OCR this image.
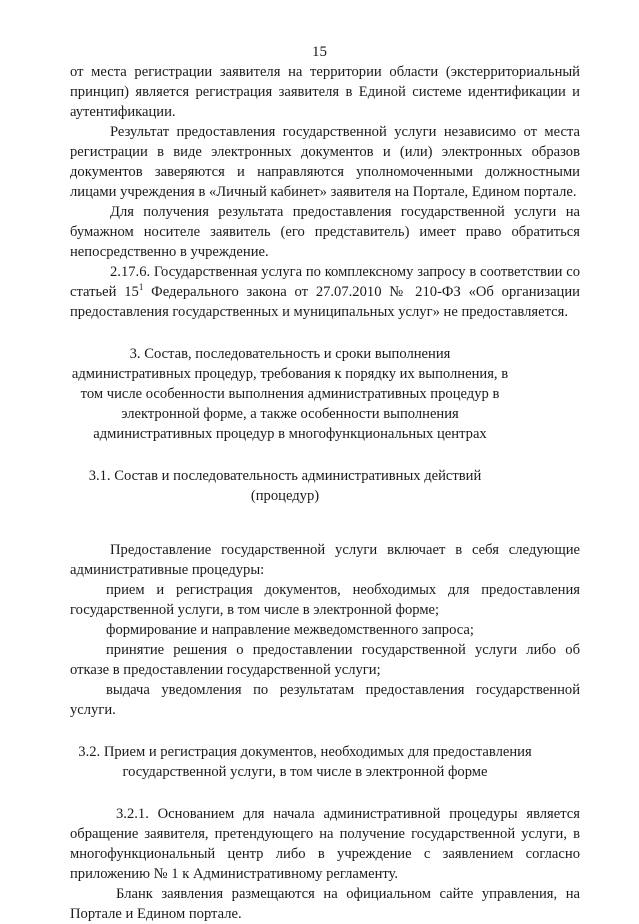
15

от места регистрации заявителя на территории области (экстерриториальный принцип) является регистрация заявителя в Единой системе идентификации и аутентификации.

Результат предоставления государственной услуги независимо от места регистрации в виде электронных документов и (или) электронных образов документов заверяются и направляются уполномоченными должностными лицами учреждения в «Личный кабинет» заявителя на Портале, Едином портале.

Для получения результата предоставления государственной услуги на бумажном носителе заявитель (его представитель) имеет право обратиться непосредственно в учреждение.

2.17.6. Государственная услуга по комплексному запросу в соответствии со статьей $15^1$ Федерального закона от 27.07.2010 № 210-ФЗ «Об организации предоставления государственных и муниципальных услуг» не предоставляется.

3. Состав, последовательность и сроки выполнения административных процедур, требования к порядку их выполнения, в том числе особенности выполнения административных процедур в электронной форме, а также особенности выполнения административных процедур в многофункциональных центрах

3.1. Состав и последовательность административных действий (процедур)

Предоставление государственной услуги включает в себя следующие административные процедуры:

прием и регистрация документов, необходимых для предоставления государственной услуги, в том числе в электронной форме;

формирование и направление межведомственного запроса;

принятие решения о предоставлении государственной услуги либо об отказе в предоставлении государственной услуги;

выдача уведомления по результатам предоставления государственной услуги.

3.2. Прием и регистрация документов, необходимых для предоставления государственной услуги, в том числе в электронной форме

3.2.1. Основанием для начала административной процедуры является обращение заявителя, претендующего на получение государственной услуги, в многофункциональный центр либо в учреждение с заявлением согласно приложению № 1 к Административному регламенту.

Бланк заявления размещаются на официальном сайте управления, на Портале и Едином портале.
